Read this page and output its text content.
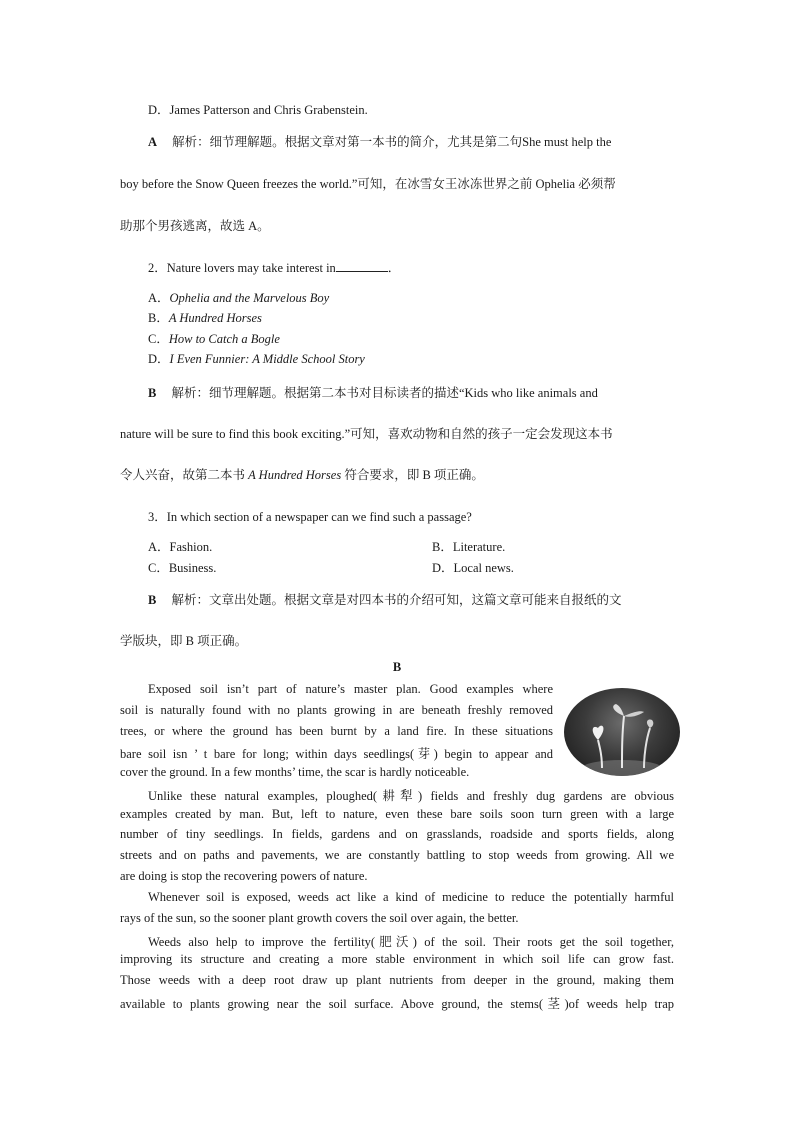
D．James Patterson and Chris Grabenstein.
A 解析：细节理解题。根据文章对第一本书的简介，尤其是第二句She must help the
boy before the Snow Queen freezes the world.”可知，在冰雪女王冰冻世界之前 Ophelia 必须帮
助那个男孩逃离，故选 A。
2．Nature lovers may take interest in	．
A．Ophelia and the Marvelous Boy
B．A Hundred Horses
C．How to Catch a Bogle
D．I Even Funnier: A Middle School Story
B 解析：细节理解题。根据第二本书对目标读者的描述“Kids who like animals and
nature will be sure to find this book exciting.”可知，喜欢动物和自然的孩子一定会发现这本书
令人兴奋，故第二本书 A Hundred Horses 符合要求，即 B 项正确。
3．In which section of a newspaper can we find such a passage?
A．Fashion.	B．Literature.
C．Business.	D．Local news.
B 解析：文章出处题。根据文章是对四本书的介绍可知，这篇文章可能来自报纸的文
学版块，即 B 项正确。
B
Exposed soil isn’t part of nature’s master plan. Good examples where
soil is naturally found with no plants growing in are beneath freshly removed
trees, or where the ground has been burnt by a land fire. In these situations
bare soil isn ’ t bare for long; within days seedlings(芽) begin to appear and
cover the ground. In a few months’ time, the scar is hardly noticeable.
Unlike these natural examples, ploughed(耕犁) fields and freshly dug gardens are obvious
examples created by man. But, left to nature, even these bare soils soon turn green with a large
number of tiny seedlings. In fields, gardens and on grasslands, roadside and sports fields, along
streets and on paths and pavements, we are constantly battling to stop weeds from growing. All we
are doing is stop the recovering powers of nature.
Whenever soil is exposed, weeds act like a kind of medicine to reduce the potentially harmful
rays of the sun, so the sooner plant growth covers the soil over again, the better.
Weeds also help to improve the fertility(肥沃) of the soil. Their roots get the soil together,
improving its structure and creating a more stable environment in which soil life can grow fast.
Those weeds with a deep root draw up plant nutrients from deeper in the ground, making them
available to plants growing near the soil surface. Above ground, the stems(茎)of weeds help trap
